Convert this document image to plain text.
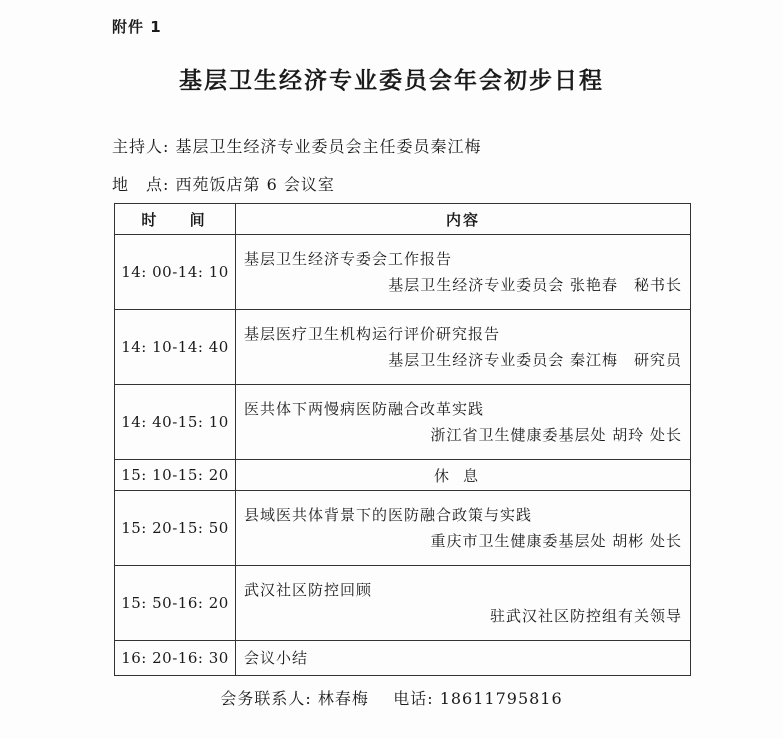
附件 1
基层卫生经济专业委员会年会初步日程
主持人: 基层卫生经济专业委员会主任委员秦江梅
地　点: 西苑饭店第 6 会议室
时 间	内容
14: 00-14: 10	基层卫生经济专委会工作报告
基层卫生经济专业委员会 张艳春　秘书长

14: 10-14: 40	基层医疗卫生机构运行评价研究报告
基层卫生经济专业委员会 秦江梅　研究员

14: 40-15: 10	医共体下两慢病医防融合改革实践
浙江省卫生健康委基层处 胡玲 处长

15: 10-15: 20	休息

15: 20-15: 50	县域医共体背景下的医防融合政策与实践
重庆市卫生健康委基层处 胡彬 处长

15: 50-16: 20	武汉社区防控回顾
驻武汉社区防控组有关领导

16: 20-16: 30	会议小结
会务联系人: 林春梅 电话: 18611795816
